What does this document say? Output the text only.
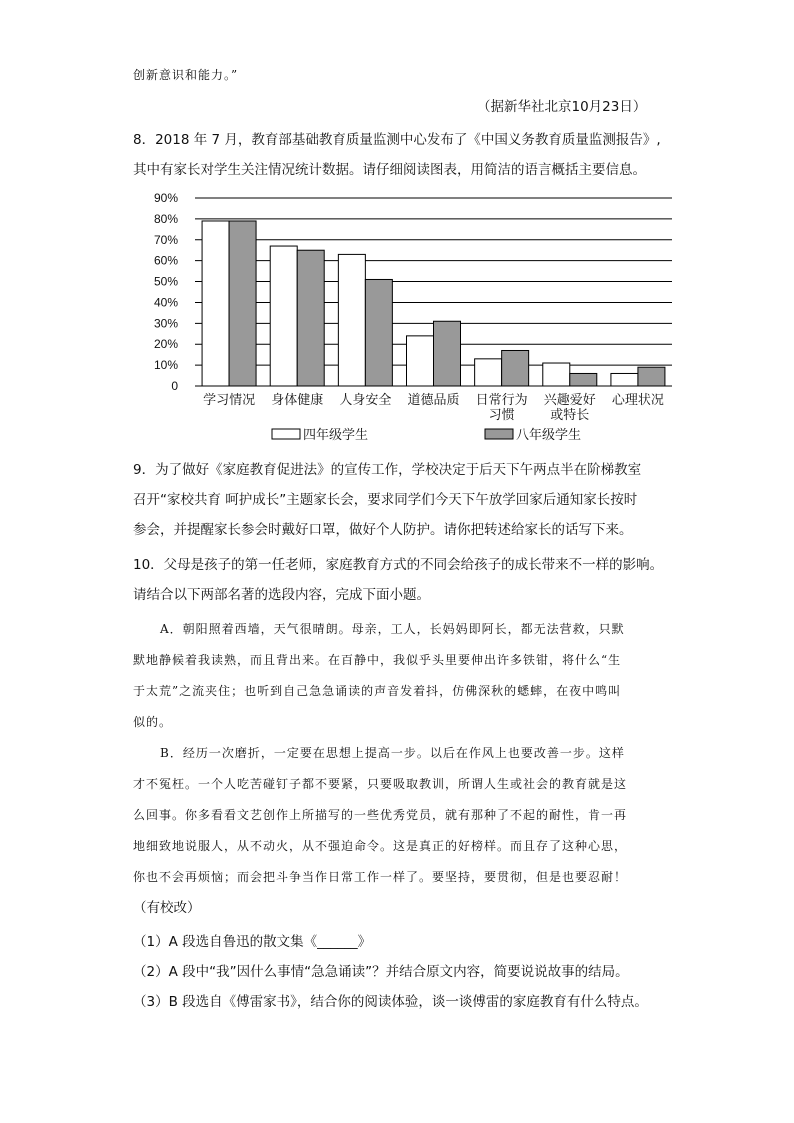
创新意识和能力。”
（据新华社北京10月23日）
8．2018 年 7 月，教育部基础教育质量监测中心发布了《中国义务教育质量监测报告》,
其中有家长对学生关注情况统计数据。请仔细阅读图表，用简洁的语言概括主要信息。
0
10%
20%
30%
40%
50%
60%
70%
80%
90%
学习情况 身体健康 人身安全 道德品质 日常行为
习惯
兴趣爱好
或特长
心理状况
四年级学生	八年级学生
9．为了做好《家庭教育促进法》的宣传工作，学校决定于后天下午两点半在阶梯教室
召开“家校共育 呵护成长”主题家长会，要求同学们今天下午放学回家后通知家长按时
参会，并提醒家长参会时戴好口罩，做好个人防护。请你把转述给家长的话写下来。
10．父母是孩子的第一任老师，家庭教育方式的不同会给孩子的成长带来不一样的影响。
请结合以下两部名著的选段内容，完成下面小题。
A．朝阳照着西墙，天气很晴朗。母亲，工人，长妈妈即阿长，都无法营救，只默
默地静候着我读熟，而且背出来。在百静中，我似乎头里要伸出许多铁钳，将什么“生
于太荒”之流夹住；也听到自己急急诵读的声音发着抖，仿佛深秋的蟋蟀，在夜中鸣叫
似的。
B．经历一次磨折，一定要在思想上提高一步。以后在作风上也要改善一步。这样
才不冤枉。一个人吃苦碰钉子都不要紧，只要吸取教训，所谓人生或社会的教育就是这
么回事。你多看看文艺创作上所描写的一些优秀党员，就有那种了不起的耐性，肯一再
地细致地说服人，从不动火，从不强迫命令。这是真正的好榜样。而且存了这种心思，
你也不会再烦恼；而会把斗争当作日常工作一样了。要坚持，要贯彻，但是也要忍耐！
（有校改）
（1）A 段选自鲁迅的散文集《______》
（2）A 段中“我”因什么事情“急急诵读”？并结合原文内容，简要说说故事的结局。
（3）B 段选自《傅雷家书》，结合你的阅读体验，谈一谈傅雷的家庭教育有什么特点。
